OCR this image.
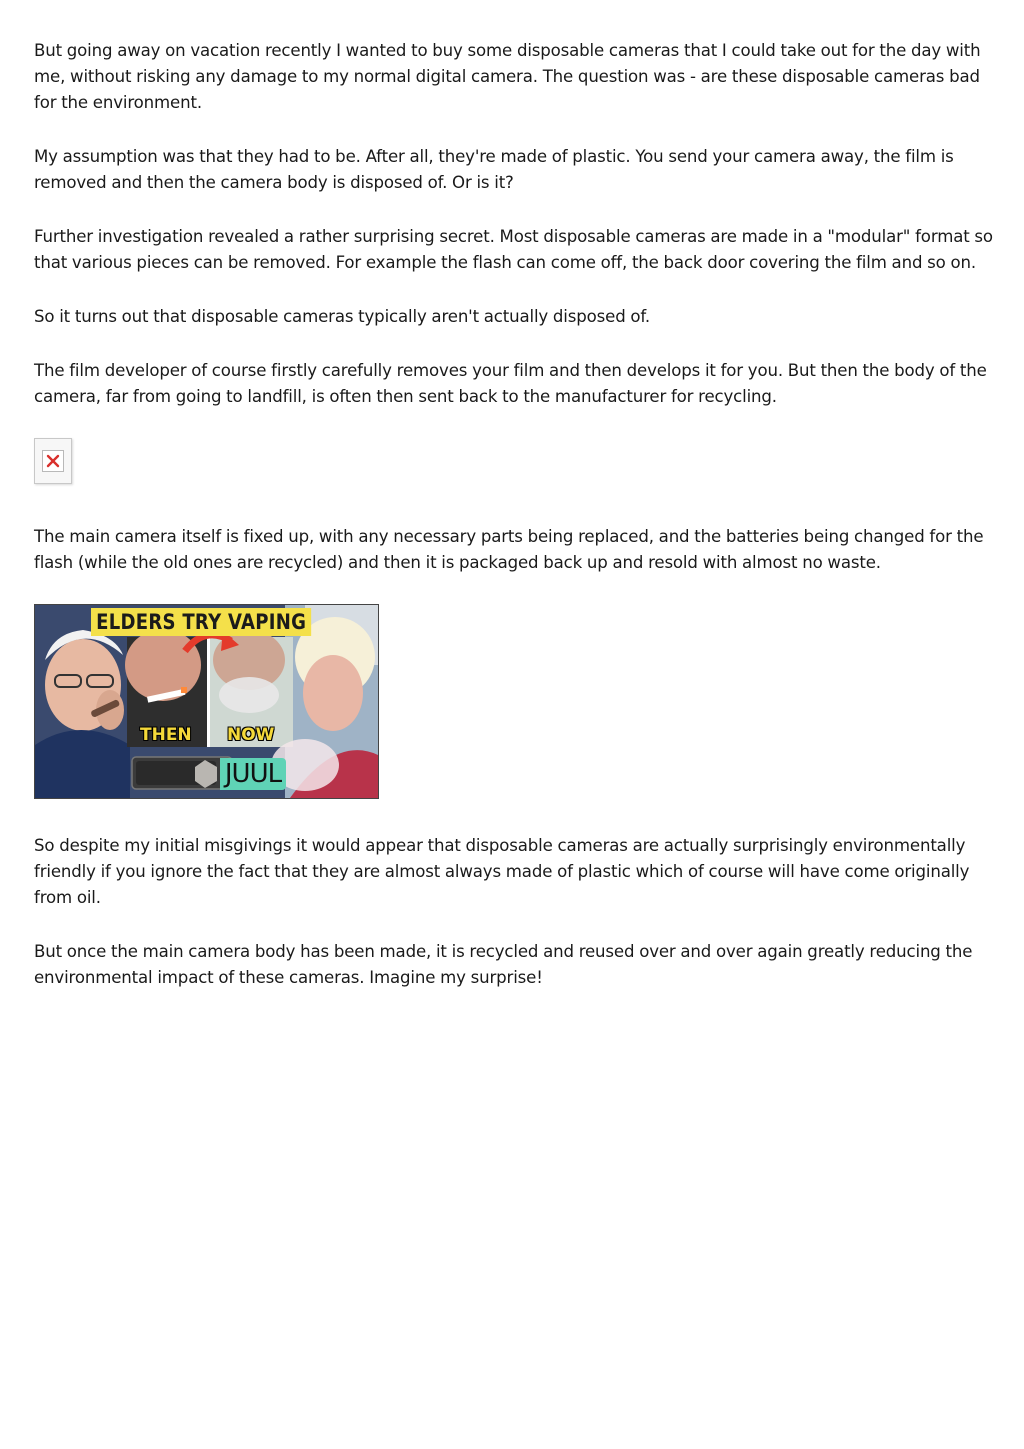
But going away on vacation recently I wanted to buy some disposable cameras that I could take out for the day with me, without risking any damage to my normal digital camera. The question was - are these disposable cameras bad for the environment.

My assumption was that they had to be. After all, they're made of plastic. You send your camera away, the film is removed and then the camera body is disposed of. Or is it?

Further investigation revealed a rather surprising secret. Most disposable cameras are made in a "modular" format so that various pieces can be removed. For example the flash can come off, the back door covering the film and so on.

So it turns out that disposable cameras typically aren't actually disposed of.

The film developer of course firstly carefully removes your film and then develops it for you. But then the body of the camera, far from going to landfill, is often then sent back to the manufacturer for recycling.

The main camera itself is fixed up, with any necessary parts being replaced, and the batteries being changed for the flash (while the old ones are recycled) and then it is packaged back up and resold with almost no waste.

ELDERS TRY VAPING
THEN NOW
JUUL

So despite my initial misgivings it would appear that disposable cameras are actually surprisingly environmentally friendly if you ignore the fact that they are almost always made of plastic which of course will have come originally from oil.

But once the main camera body has been made, it is recycled and reused over and over again greatly reducing the environmental impact of these cameras. Imagine my surprise!
